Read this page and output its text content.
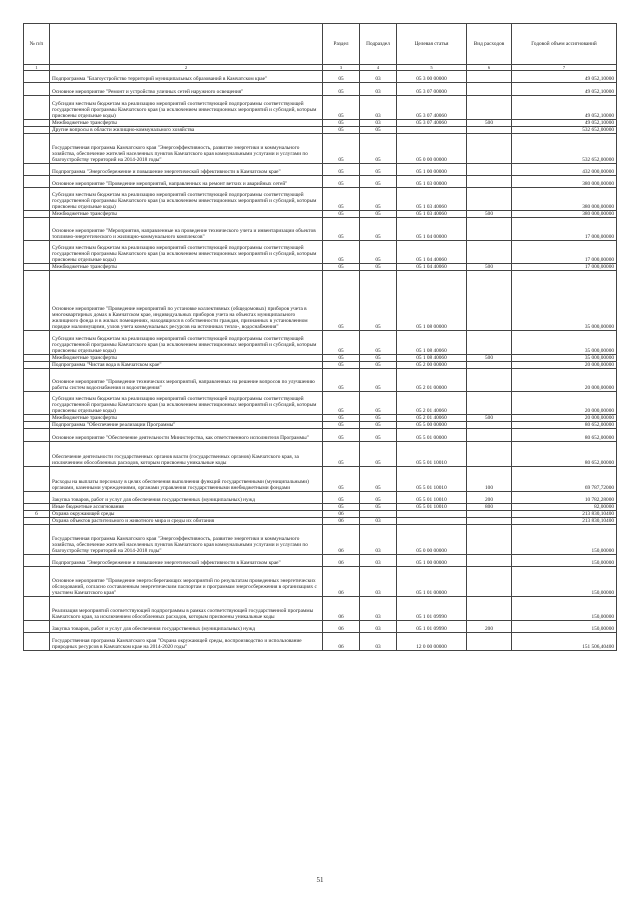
№ п/п		Раздел	Подраздел	Целевая статья	Вид расходов	Годовой объем ассигнований
1	2	3	4	5	6	7
	Подпрограмма "Благоустройство территорий муниципальных образований в Камчатском крае"	05	03	05 3 00 00000		49 052,10000
	Основное мероприятие "Ремонт и устройство уличных сетей наружного освещения"	05	03	05 3 07 00000		49 052,10000
	Субсидии местным бюджетам на реализацию мероприятий соответствующей подпрограммы соответствующей государственной программы Камчатского края (за исключением инвестиционных мероприятий и субсидий, которым присвоены отдельные коды)	05	03	05 3 07 40060		49 052,10000
	Межбюджетные трансферты	05	03	05 3 07 40060	500	49 052,10000
	Другие вопросы в области жилищно-коммунального хозяйства	05	05			532 652,00000
	Государственная программа Камчатского края "Энергоэффективность, развитие энергетики и коммунального хозяйства, обеспечение жителей населенных пунктов Камчатского края коммунальными услугами и услугами по благоустройству территорий на 2014-2018 годы"	05	05	05 0 00 00000		532 652,00000
	Подпрограмма "Энергосбережение и повышение энергетической эффективности в Камчатском крае"	05	05	05 1 00 00000		432 000,00000
	Основное мероприятие "Проведение мероприятий, направленных на ремонт ветхих и аварийных сетей"	05	05	05 1 03 00000		380 000,00000
	Субсидии местным бюджетам на реализацию мероприятий соответствующей подпрограммы соответствующей государственной программы Камчатского края (за исключением инвестиционных мероприятий и субсидий, которым присвоены отдельные коды)	05	05	05 1 03 40060		380 000,00000
	Межбюджетные трансферты	05	05	05 1 03 40060	500	380 000,00000
	Основное мероприятие "Мероприятия, направленные на проведение технического учета и инвентаризации объектов топливно-энергетического и жилищно-коммунального комплексов"	05	05	05 1 04 00000		17 000,00000
	Субсидии местным бюджетам на реализацию мероприятий соответствующей подпрограммы соответствующей государственной программы Камчатского края (за исключением инвестиционных мероприятий и субсидий, которым присвоены отдельные коды)	05	05	05 1 04 40060		17 000,00000
	Межбюджетные трансферты	05	05	05 1 04 40060	500	17 000,00000
	Основное мероприятие "Проведение мероприятий по установке коллективных (общедомовых) приборов учета в многоквартирных домах в Камчатском крае, индивидуальных приборов учета на объектах муниципального жилищного фонда и в жилых помещениях, находящихся в собственности граждан, признанных в установленном порядке малоимущими, узлов учета коммунальных ресурсов на источниках тепло-, водоснабжения"	05	05	05 1 08 00000		35 000,00000
	Субсидии местным бюджетам на реализацию мероприятий соответствующей подпрограммы соответствующей государственной программы Камчатского края (за исключением инвестиционных мероприятий и субсидий, которым присвоены отдельные коды)	05	05	05 1 08 40060		35 000,00000
	Межбюджетные трансферты	05	05	05 1 08 40060	500	35 000,00000
	Подпрограмма "Чистая вода в Камчатском крае"	05	05	05 2 00 00000		20 000,00000
	Основное мероприятие "Проведение технических мероприятий, направленных на решение вопросов по улучшению работы систем водоснабжения и водоотведения"	05	05	05 2 01 00000		20 000,00000
	Субсидии местным бюджетам на реализацию мероприятий соответствующей подпрограммы соответствующей государственной программы Камчатского края (за исключением инвестиционных мероприятий и субсидий, которым присвоены отдельные коды)	05	05	05 2 01 40060		20 000,00000
	Межбюджетные трансферты	05	05	05 2 01 40060	500	20 000,00000
	Подпрограмма "Обеспечение реализации Программы"	05	05	05 5 00 00000		80 652,00000
	Основное мероприятие "Обеспечение деятельности Министерства, как ответственного исполнителя Программы"	05	05	05 5 01 00000		80 652,00000
	Обеспечение деятельности государственных органов власти (государственных органов) Камчатского края, за исключением обособленных расходов, которым присвоены уникальные коды	05	05	05 5 01 10010		80 652,00000
	Расходы на выплаты персоналу в целях обеспечения выполнения функций государственными (муниципальными) органами, казенными учреждениями, органами управления государственными внебюджетными фондами	05	05	05 5 01 10010	100	69 787,72000
	Закупка товаров, работ и услуг для обеспечения государственных (муниципальных) нужд	05	05	05 5 01 10010	200	10 782,28000
	Иные бюджетные ассигнования	05	05	05 5 01 10010	800	82,00000
6	Охрана окружающей среды	06				213 830,10400
	Охрана объектов растительного и животного мира и среды их обитания	06	03			213 830,10400
	Государственная программа Камчатского края "Энергоэффективность, развитие энергетики и коммунального хозяйства, обеспечение жителей населенных пунктов Камчатского края коммунальными услугами и услугами по благоустройству территорий на 2014-2018 годы"	06	03	05 0 00 00000		150,00000
	Подпрограмма "Энергосбережение и повышение энергетической эффективности в Камчатском крае"	06	03	05 1 00 00000		150,00000
	Основное мероприятие "Проведение энергосберегающих мероприятий по результатам проведенных энергетических обследований, согласно составленным энергетическим паспортам и программам энергосбережения в организациях с участием Камчатского края"	06	03	05 1 01 00000		150,00000
	Реализация мероприятий соответствующей подпрограммы в рамках соответствующей государственной программы Камчатского края, за исключением обособленных расходов, которым присвоены уникальные коды	06	03	05 1 01 09990		150,00000
	Закупка товаров, работ и услуг для обеспечения государственных (муниципальных) нужд	06	03	05 1 01 09990	200	150,00000
	Государственная программа Камчатского края "Охрана окружающей среды, воспроизводство и использование природных ресурсов в Камчатском крае на 2014-2020 годы"	06	03	12 0 00 00000		151 506,40400
51
